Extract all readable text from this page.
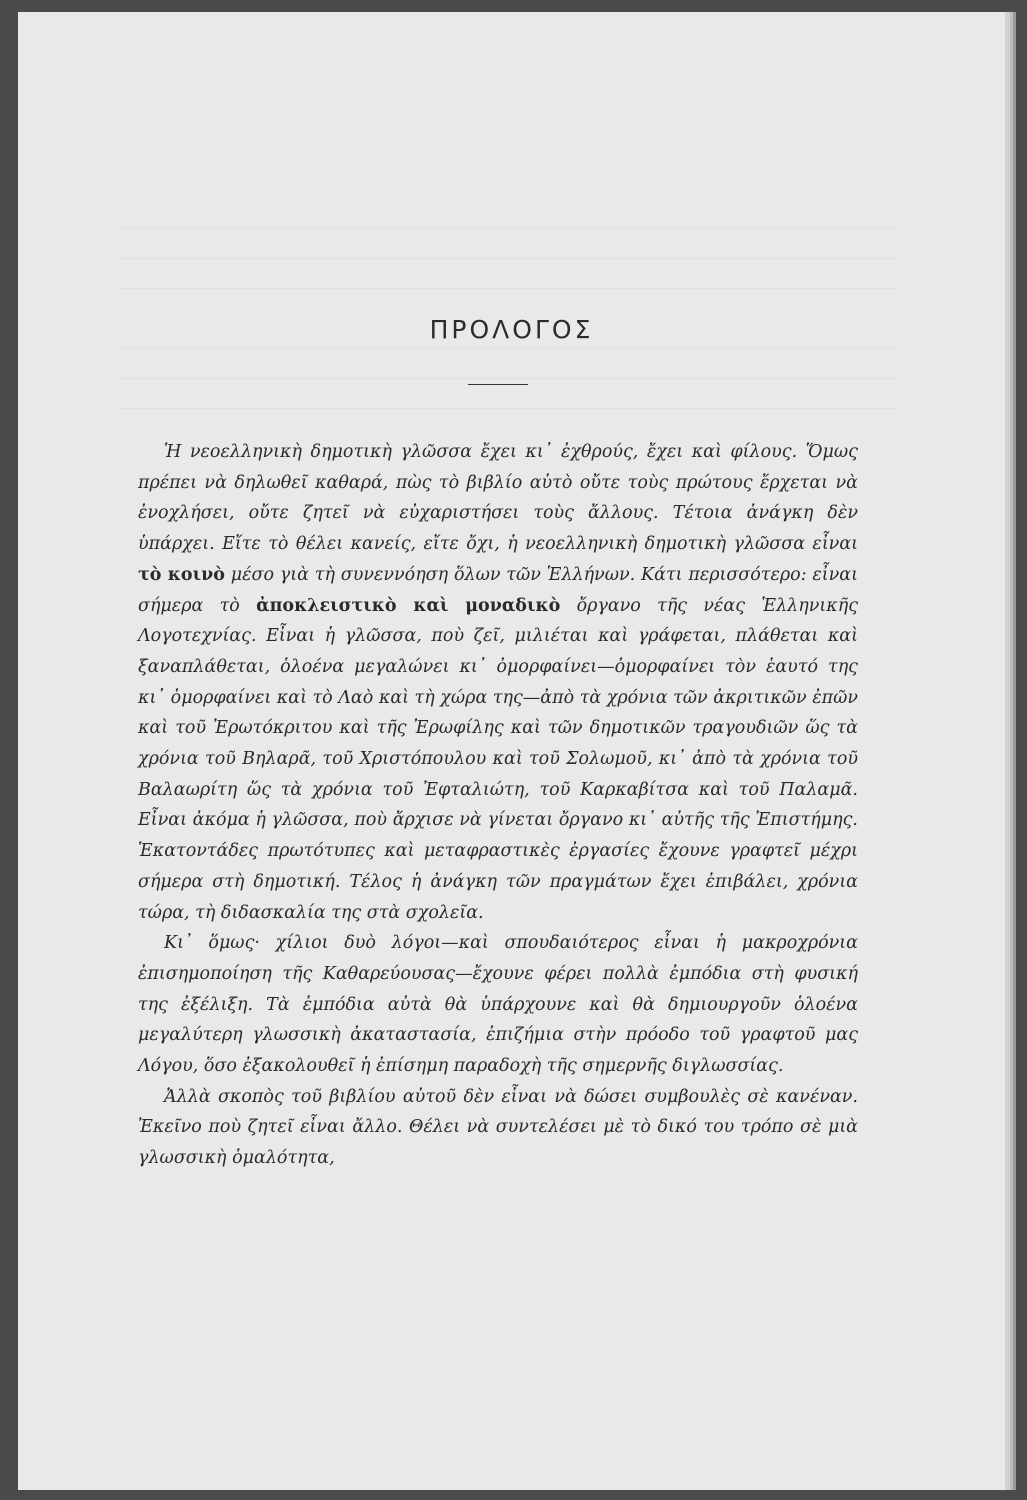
ΠΡΟΛΟΓΟΣ

Ἡ νεοελληνικὴ δημοτικὴ γλῶσσα ἔχει κι᾿ ἐχθρούς, ἔχει καὶ φίλους. Ὅμως πρέπει νὰ δηλωθεῖ καθαρά, πὼς τὸ βιβλίο αὐτὸ οὔτε τοὺς πρώτους ἔρχεται νὰ ἐνοχλήσει, οὔτε ζητεῖ νὰ εὐχαριστήσει τοὺς ἄλλους. Τέτοια ἀνάγκη δὲν ὑπάρχει. Εἴτε τὸ θέλει κανείς, εἴτε ὄχι, ἡ νεοελληνικὴ δημοτικὴ γλῶσσα εἶναι τὸ κοινὸ μέσο γιὰ τὴ συνεννόηση ὅλων τῶν Ἑλλήνων. Κάτι περισσότερο: εἶναι σήμερα τὸ ἀποκλειστικὸ καὶ μοναδικὸ ὄργανο τῆς νέας Ἑλληνικῆς Λογοτεχνίας. Εἶναι ἡ γλῶσσα, ποὺ ζεῖ, μιλιέται καὶ γράφεται, πλάθεται καὶ ξαναπλάθεται, ὁλοένα μεγαλώνει κι᾿ ὀμορφαίνει—ὀμορφαίνει τὸν ἑαυτό της κι᾿ ὀμορφαίνει καὶ τὸ Λαὸ καὶ τὴ χώρα της—ἀπὸ τὰ χρόνια τῶν ἀκριτικῶν ἐπῶν καὶ τοῦ Ἐρωτόκριτου καὶ τῆς Ἐρωφίλης καὶ τῶν δημοτικῶν τραγουδιῶν ὥς τὰ χρόνια τοῦ Βηλαρᾶ, τοῦ Χριστόπουλου καὶ τοῦ Σολωμοῦ, κι᾿ ἀπὸ τὰ χρόνια τοῦ Βαλαωρίτη ὥς τὰ χρόνια τοῦ Ἐφταλιώτη, τοῦ Καρκαβίτσα καὶ τοῦ Παλαμᾶ. Εἶναι ἀκόμα ἡ γλῶσσα, ποὺ ἄρχισε νὰ γίνεται ὄργανο κι᾿ αὐτῆς τῆς Ἐπιστήμης. Ἑκατοντάδες πρωτότυπες καὶ μεταφραστικὲς ἐργασίες ἔχουνε γραφτεῖ μέχρι σήμερα στὴ δημοτική. Τέλος ἡ ἀνάγκη τῶν πραγμάτων ἔχει ἐπιβάλει, χρόνια τώρα, τὴ διδασκαλία της στὰ σχολεῖα.

Κι᾿ ὅμως· χίλιοι δυὸ λόγοι—καὶ σπουδαιότερος εἶναι ἡ μακροχρόνια ἐπισημοποίηση τῆς Καθαρεύουσας—ἔχουνε φέρει πολλὰ ἐμπόδια στὴ φυσική της ἐξέλιξη. Τὰ ἐμπόδια αὐτὰ θὰ ὑπάρχουνε καὶ θὰ δημιουργοῦν ὁλοένα μεγαλύτερη γλωσσικὴ ἀκαταστασία, ἐπιζήμια στὴν πρόοδο τοῦ γραφτοῦ μας Λόγου, ὅσο ἐξακολουθεῖ ἡ ἐπίσημη παραδοχὴ τῆς σημερνῆς διγλωσσίας.

Ἀλλὰ σκοπὸς τοῦ βιβλίου αὐτοῦ δὲν εἶναι νὰ δώσει συμβουλὲς σὲ κανέναν. Ἐκεῖνο ποὺ ζητεῖ εἶναι ἄλλο. Θέλει νὰ συντελέσει μὲ τὸ δικό του τρόπο σὲ μιὰ γλωσσικὴ ὁμαλότητα,
